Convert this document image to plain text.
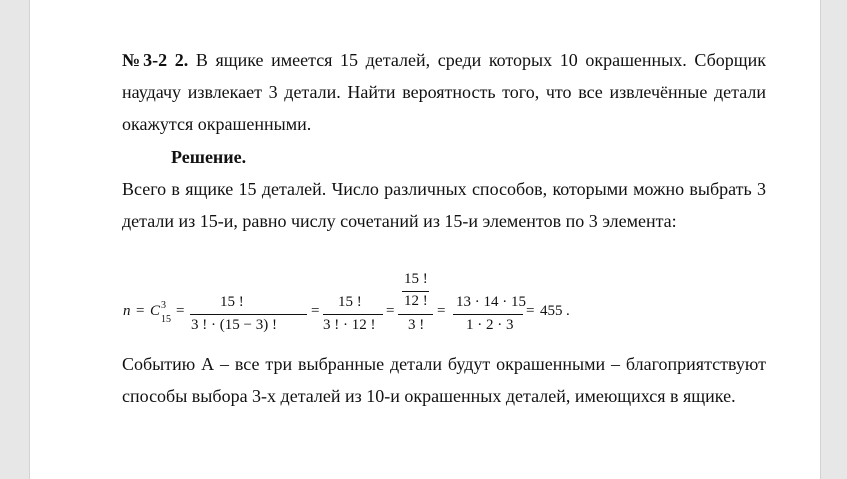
№3-2 2. В ящике имеется 15 деталей, среди которых 10 окрашенных. Сборщик наудачу извлекает 3 детали. Найти вероятность того, что все извлечённые детали окажутся окрашенными.
Решение.
Всего в ящике 15 деталей. Число различных способов, которыми можно выбрать 3 детали из 15-и, равно числу сочетаний из 15-и элементов по 3 элемента:
n = C 3
15
=
15 !
3 ! · (15 − 3) !
=
15 !
3 ! · 12 !
=
15 !
12 !
3 !
=
13 · 14 · 15
1 · 2 · 3
= 455 .
Событию А – все три выбранные детали будут окрашенными – благоприятствуют способы выбора 3-х деталей из 10-и окрашенных деталей, имеющихся в ящике.
